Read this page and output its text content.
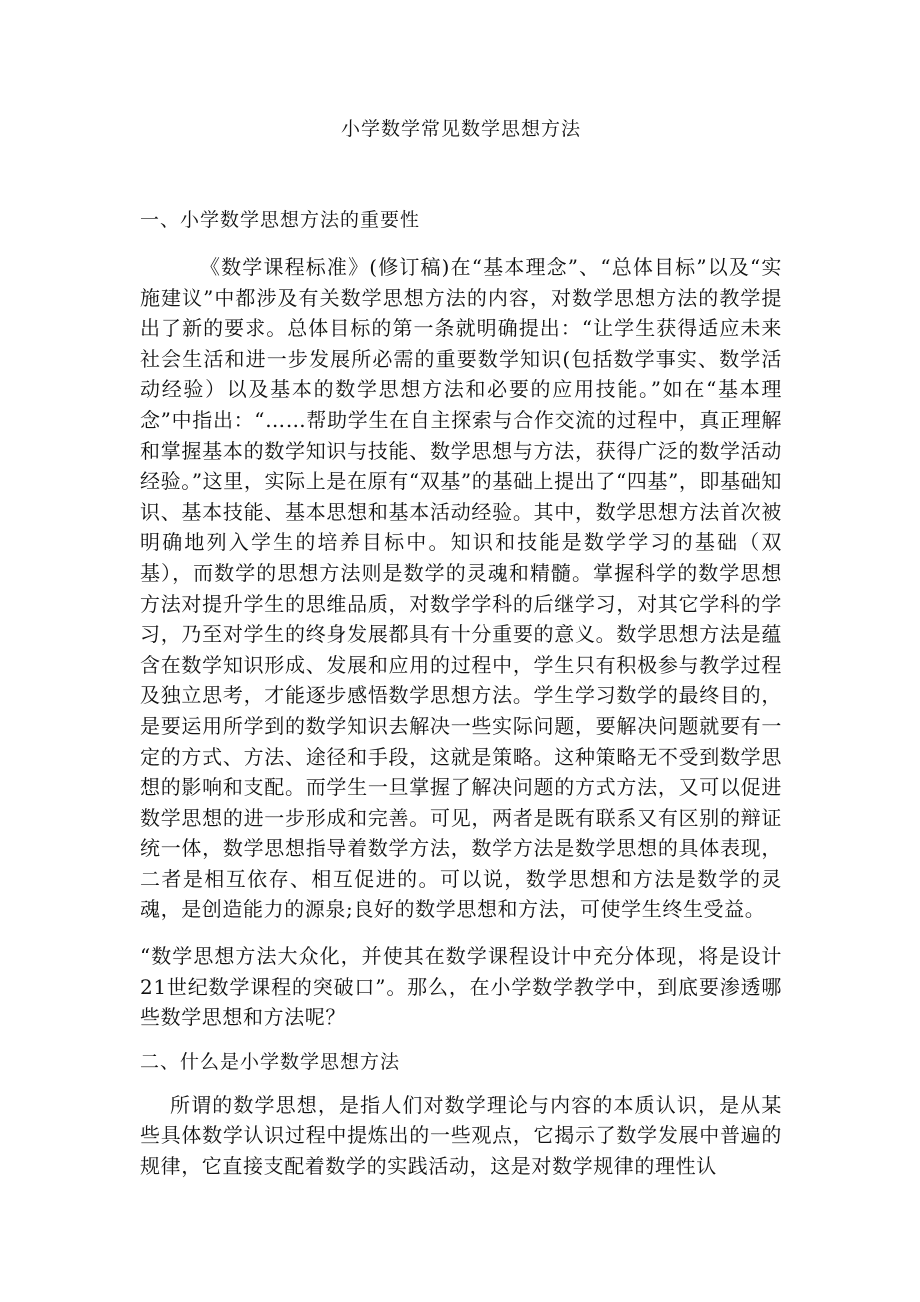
小学数学常见数学思想方法
一、小学数学思想方法的重要性

《数学课程标准》(修订稿)在“基本理念”、“总体目标”以及“实施建议”中都涉及有关数学思想方法的内容，对数学思想方法的教学提出了新的要求。总体目标的第一条就明确提出：“让学生获得适应未来社会生活和进一步发展所必需的重要数学知识(包括数学事实、数学活动经验）以及基本的数学思想方法和必要的应用技能。”如在“基本理念”中指出：“……帮助学生在自主探索与合作交流的过程中，真正理解和掌握基本的数学知识与技能、数学思想与方法，获得广泛的数学活动经验。”这里，实际上是在原有“双基”的基础上提出了“四基”，即基础知识、基本技能、基本思想和基本活动经验。其中，数学思想方法首次被明确地列入学生的培养目标中。知识和技能是数学学习的基础（双基），而数学的思想方法则是数学的灵魂和精髓。掌握科学的数学思想方法对提升学生的思维品质，对数学学科的后继学习，对其它学科的学习，乃至对学生的终身发展都具有十分重要的意义。数学思想方法是蕴含在数学知识形成、发展和应用的过程中，学生只有积极参与教学过程及独立思考，才能逐步感悟数学思想方法。学生学习数学的最终目的，是要运用所学到的数学知识去解决一些实际问题，要解决问题就要有一定的方式、方法、途径和手段，这就是策略。这种策略无不受到数学思想的影响和支配。而学生一旦掌握了解决问题的方式方法，又可以促进数学思想的进一步形成和完善。可见，两者是既有联系又有区别的辩证统一体，数学思想指导着数学方法，数学方法是数学思想的具体表现，二者是相互依存、相互促进的。可以说，数学思想和方法是数学的灵魂，是创造能力的源泉;良好的数学思想和方法，可使学生终生受益。

“数学思想方法大众化，并使其在数学课程设计中充分体现，将是设计21世纪数学课程的突破口”。那么，在小学数学教学中，到底要渗透哪些数学思想和方法呢？

二、什么是小学数学思想方法

所谓的数学思想，是指人们对数学理论与内容的本质认识，是从某些具体数学认识过程中提炼出的一些观点，它揭示了数学发展中普遍的规律，它直接支配着数学的实践活动，这是对数学规律的理性认
